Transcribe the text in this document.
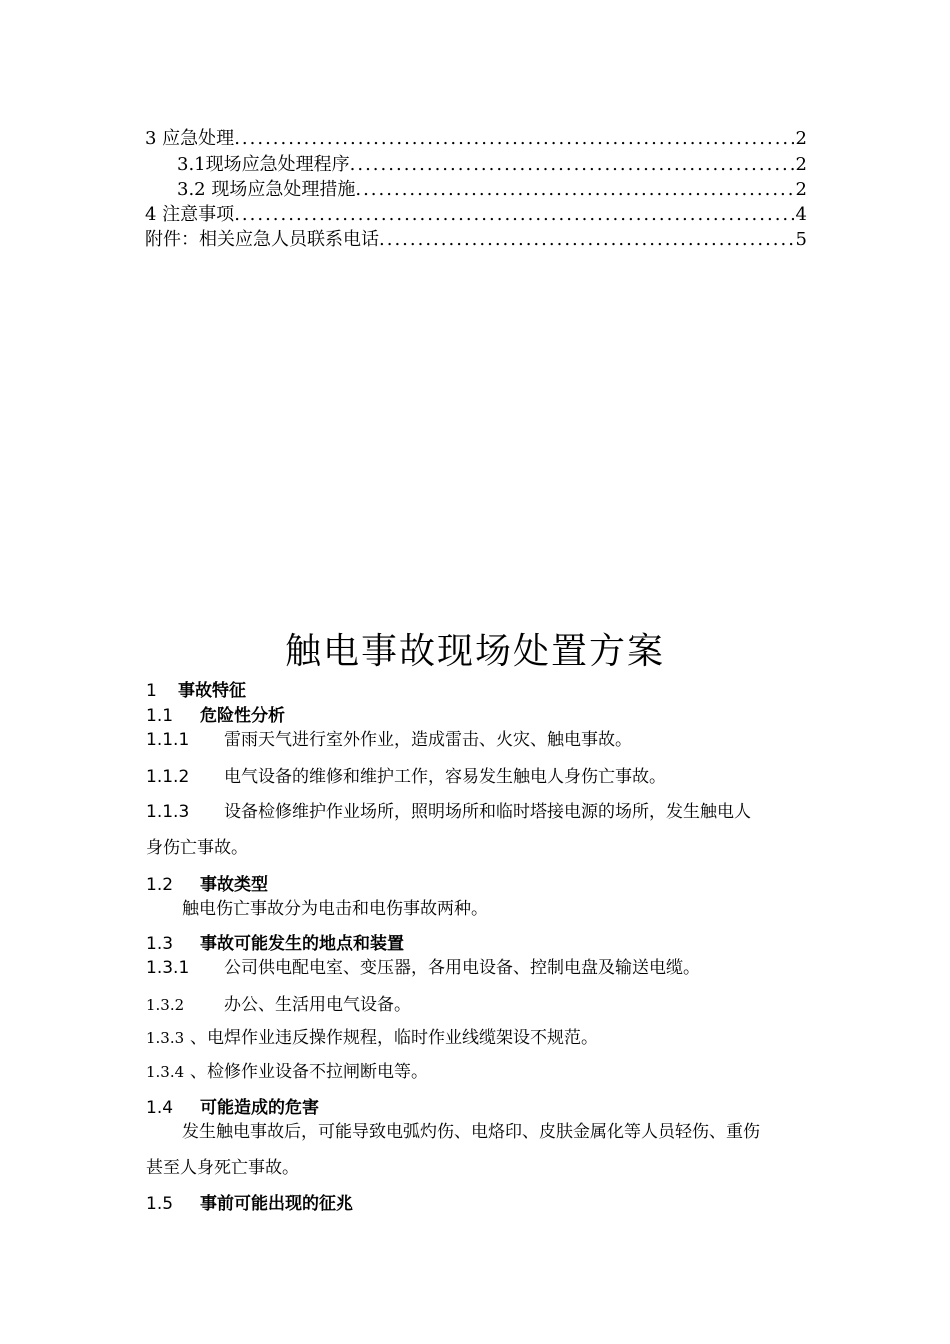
3 应急处理 .....	2
3.1现场应急处理程序 .....	2
3.2 现场应急处理措施 .....	2
4 注意事项 .....	4
附件：相关应急人员联系电话 .....	5
触电事故现场处置方案
1 事故特征
1.1 危险性分析
1.1.1 雷雨天气进行室外作业，造成雷击、火灾、触电事故。
1.1.2 电气设备的维修和维护工作，容易发生触电人身伤亡事故。
1.1.3 设备检修维护作业场所，照明场所和临时塔接电源的场所，发生触电人
身伤亡事故。
1.2 事故类型
触电伤亡事故分为电击和电伤事故两种。
1.3 事故可能发生的地点和装置
1.3.1 公司供电配电室、变压器，各用电设备、控制电盘及输送电缆。
1.3.2 办公、生活用电气设备。
1.3.3 、电焊作业违反操作规程，临时作业线缆架设不规范。
1.3.4 、检修作业设备不拉闸断电等。
1.4 可能造成的危害
发生触电事故后，可能导致电弧灼伤、电烙印、皮肤金属化等人员轻伤、重伤
甚至人身死亡事故。
1.5 事前可能出现的征兆
